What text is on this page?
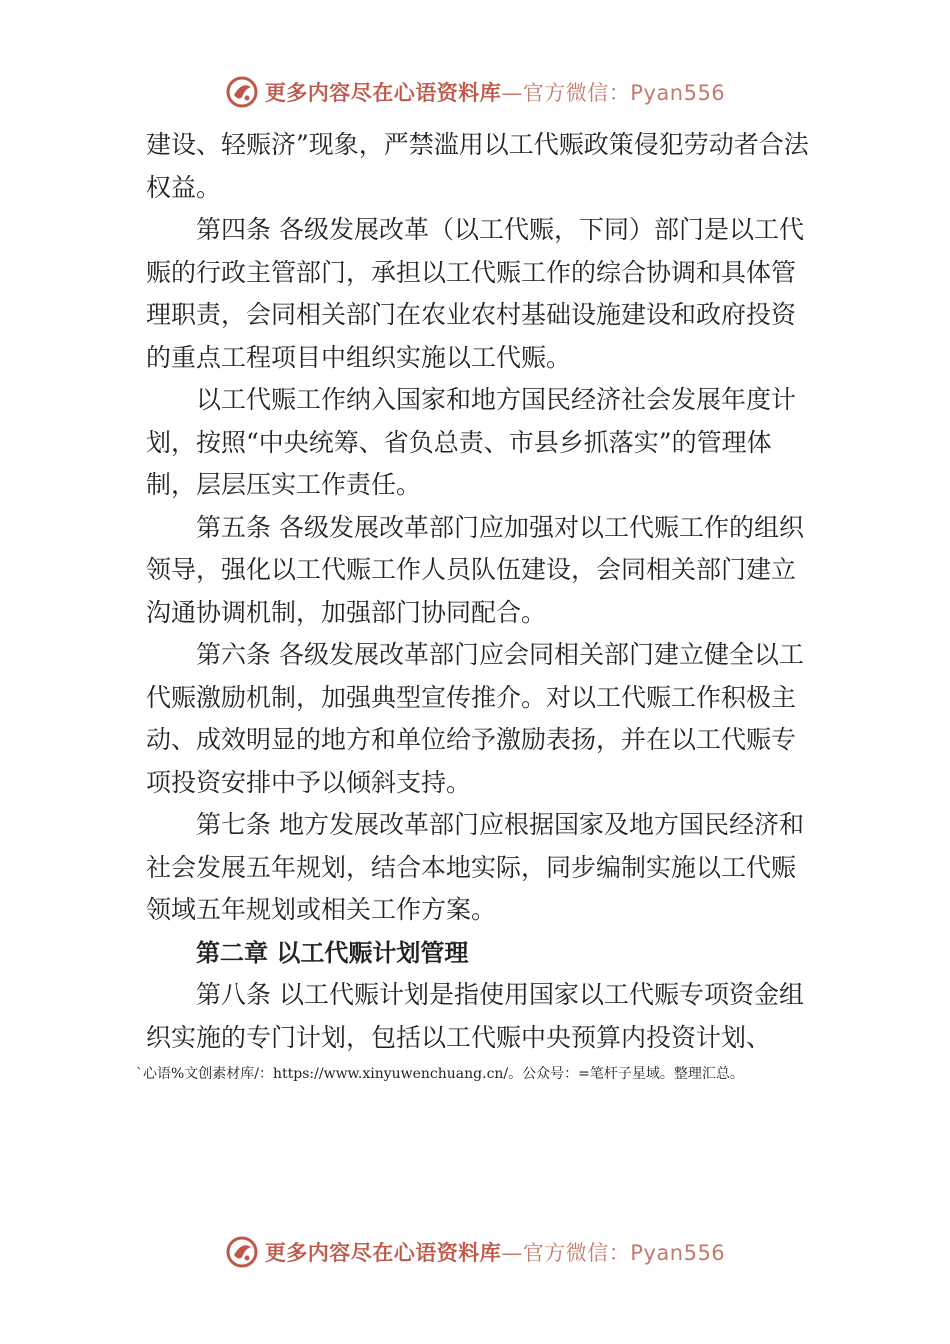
更多内容尽在心语资料库—官方微信：Pyan556

建设、轻赈济”现象，严禁滥用以工代赈政策侵犯劳动者合法权益。

第四条 各级发展改革（以工代赈，下同）部门是以工代赈的行政主管部门，承担以工代赈工作的综合协调和具体管理职责，会同相关部门在农业农村基础设施建设和政府投资的重点工程项目中组织实施以工代赈。

以工代赈工作纳入国家和地方国民经济社会发展年度计划，按照“中央统筹、省负总责、市县乡抓落实”的管理体制，层层压实工作责任。

第五条 各级发展改革部门应加强对以工代赈工作的组织领导，强化以工代赈工作人员队伍建设，会同相关部门建立沟通协调机制，加强部门协同配合。

第六条 各级发展改革部门应会同相关部门建立健全以工代赈激励机制，加强典型宣传推介。对以工代赈工作积极主动、成效明显的地方和单位给予激励表扬，并在以工代赈专项投资安排中予以倾斜支持。

第七条 地方发展改革部门应根据国家及地方国民经济和社会发展五年规划，结合本地实际，同步编制实施以工代赈领域五年规划或相关工作方案。

第二章 以工代赈计划管理

第八条 以工代赈计划是指使用国家以工代赈专项资金组织实施的专门计划，包括以工代赈中央预算内投资计划、

`心语%文创素材库/：https://www.xinyuwenchuang.cn/。公众号：=笔杆子星域。整理汇总。
更多内容尽在心语资料库—官方微信：Pyan556
